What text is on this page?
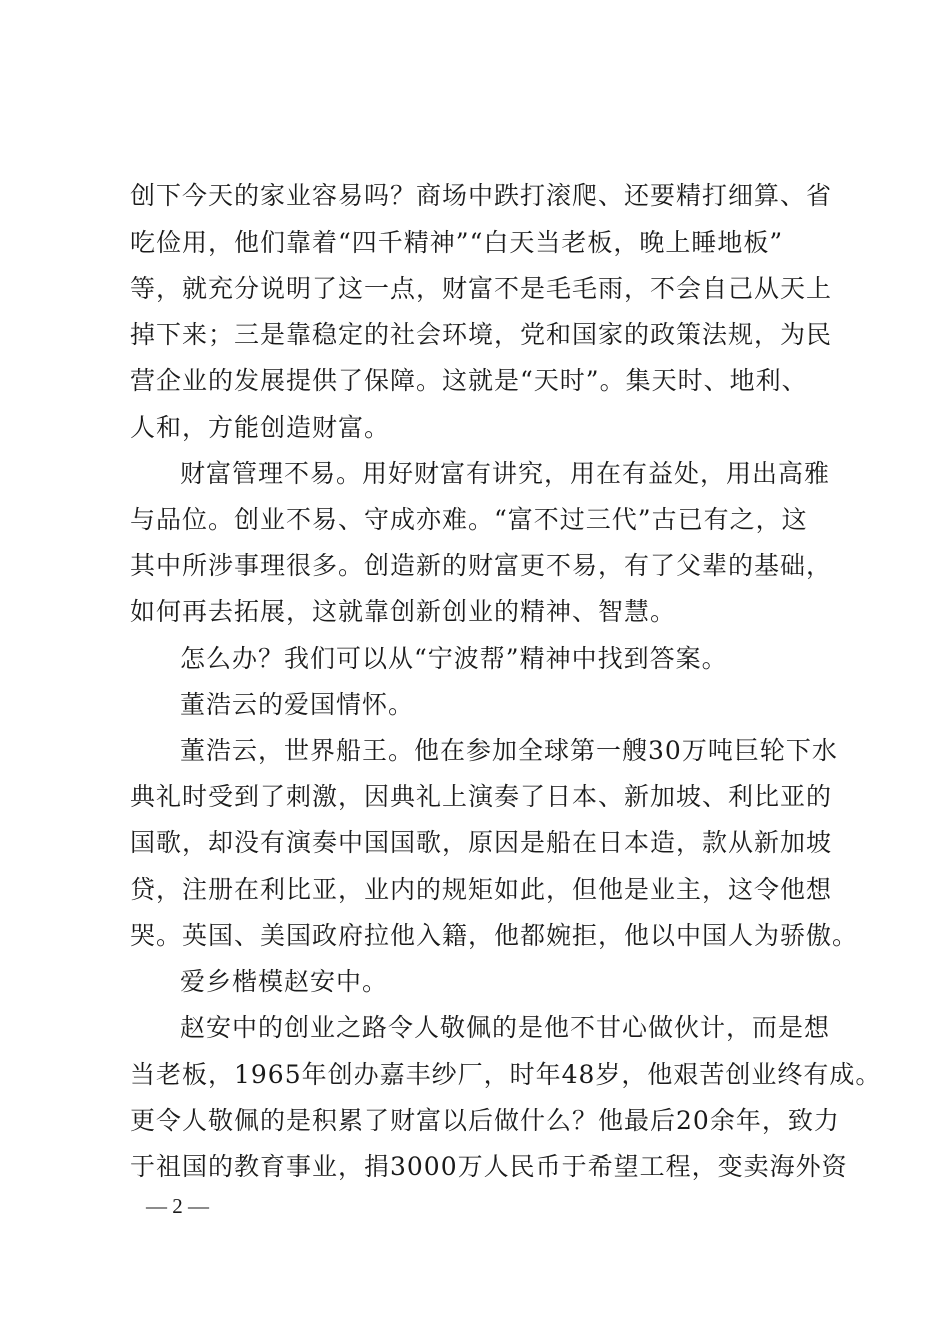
创下今天的家业容易吗？商场中跌打滚爬、还要精打细算、省
吃俭用，他们靠着“四千精神”“白天当老板，晚上睡地板”
等，就充分说明了这一点，财富不是毛毛雨，不会自己从天上
掉下来；三是靠稳定的社会环境，党和国家的政策法规，为民
营企业的发展提供了保障。这就是“天时”。集天时、地利、
人和，方能创造财富。
财富管理不易。用好财富有讲究，用在有益处，用出高雅
与品位。创业不易、守成亦难。“富不过三代”古已有之，这
其中所涉事理很多。创造新的财富更不易，有了父辈的基础，
如何再去拓展，这就靠创新创业的精神、智慧。
怎么办？我们可以从“宁波帮”精神中找到答案。
董浩云的爱国情怀。
董浩云，世界船王。他在参加全球第一艘30万吨巨轮下水
典礼时受到了刺激，因典礼上演奏了日本、新加坡、利比亚的
国歌，却没有演奏中国国歌，原因是船在日本造，款从新加坡
贷，注册在利比亚，业内的规矩如此，但他是业主，这令他想
哭。英国、美国政府拉他入籍，他都婉拒，他以中国人为骄傲。
爱乡楷模赵安中。
赵安中的创业之路令人敬佩的是他不甘心做伙计，而是想
当老板，1965年创办嘉丰纱厂，时年48岁，他艰苦创业终有成。
更令人敬佩的是积累了财富以后做什么？他最后20余年，致力
于祖国的教育事业，捐3000万人民币于希望工程，变卖海外资
— 2 —
